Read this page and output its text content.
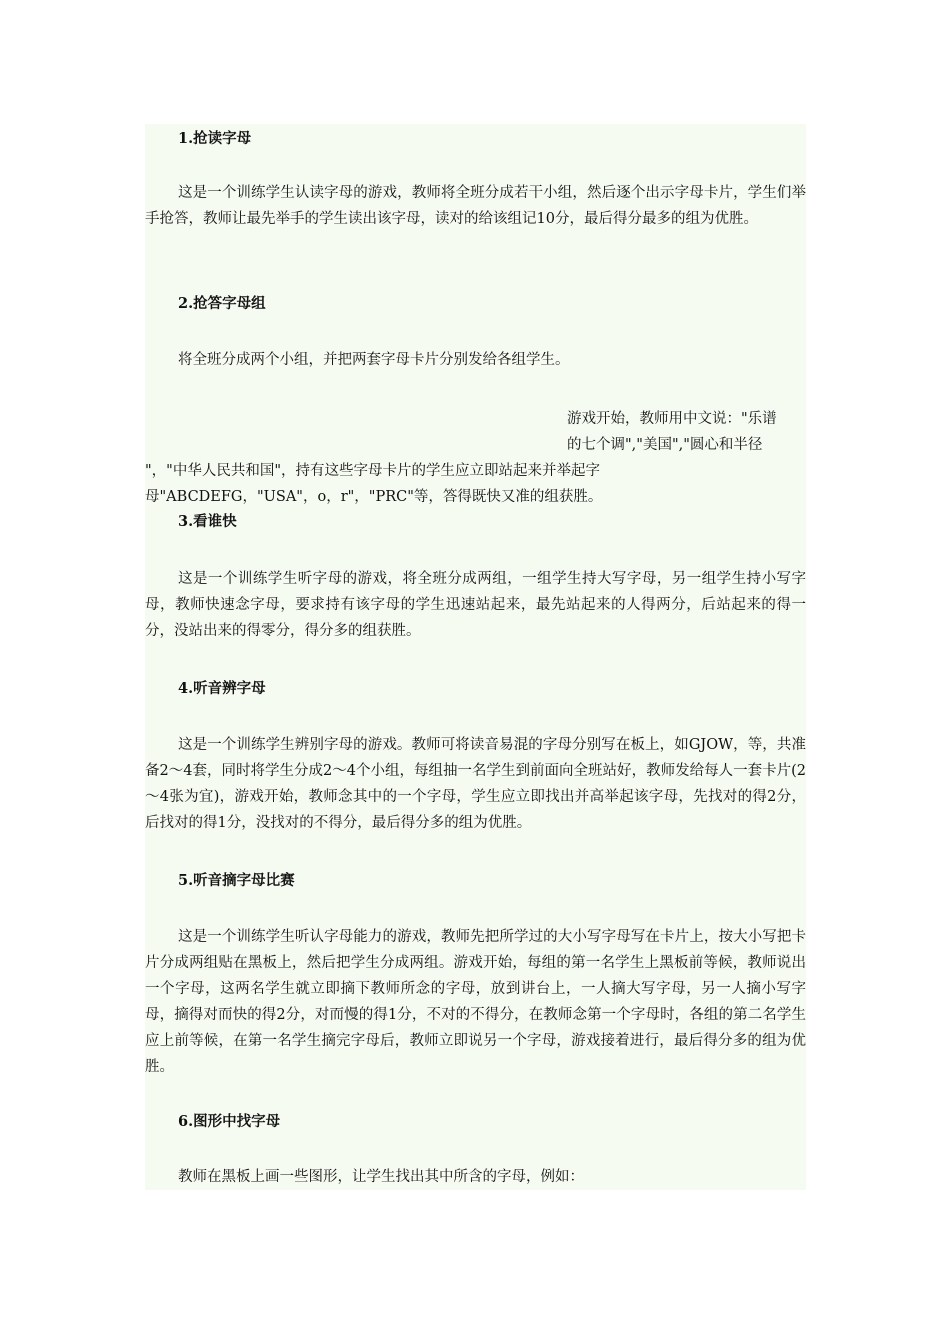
1.抢读字母

这是一个训练学生认读字母的游戏，教师将全班分成若干小组，然后逐个出示字母卡片，学生们举手抢答，教师让最先举手的学生读出该字母，读对的给该组记10分，最后得分最多的组为优胜。

2.抢答字母组

将全班分成两个小组，并把两套字母卡片分别发给各组学生。

游戏开始，教师用中文说："乐谱
的七个调","美国","圆心和半径
"，"中华人民共和国"，持有这些字母卡片的学生应立即站起来并举起字
母"ABCDEFG，"USA"，o，r"，"PRC"等，答得既快又准的组获胜。
3.看谁快

这是一个训练学生听字母的游戏，将全班分成两组，一组学生持大写字母，另一组学生持小写字母，教师快速念字母，要求持有该字母的学生迅速站起来，最先站起来的人得两分，后站起来的得一分，没站出来的得零分，得分多的组获胜。

4.听音辨字母

这是一个训练学生辨别字母的游戏。教师可将读音易混的字母分别写在板上，如GJOW，等，共准备2～4套，同时将学生分成2～4个小组，每组抽一名学生到前面向全班站好，教师发给每人一套卡片(2～4张为宜)，游戏开始，教师念其中的一个字母，学生应立即找出并高举起该字母，先找对的得2分，后找对的得1分，没找对的不得分，最后得分多的组为优胜。

5.听音摘字母比赛

这是一个训练学生听认字母能力的游戏，教师先把所学过的大小写字母写在卡片上，按大小写把卡片分成两组贴在黑板上，然后把学生分成两组。游戏开始，每组的第一名学生上黑板前等候，教师说出一个字母，这两名学生就立即摘下教师所念的字母，放到讲台上，一人摘大写字母，另一人摘小写字母，摘得对而快的得2分，对而慢的得1分，不对的不得分，在教师念第一个字母时，各组的第二名学生应上前等候，在第一名学生摘完字母后，教师立即说另一个字母，游戏接着进行，最后得分多的组为优胜。

6.图形中找字母

教师在黑板上画一些图形，让学生找出其中所含的字母，例如：
